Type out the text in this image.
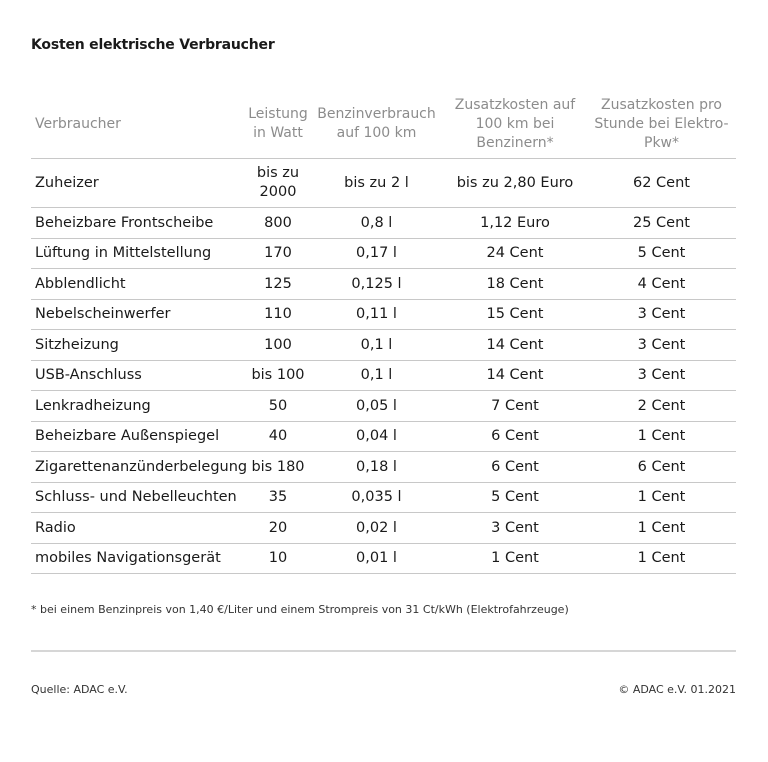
Kosten elektrische Verbraucher
Verbraucher	Leistung in Watt	Benzinverbrauch auf 100 km	Zusatzkosten auf 100 km bei Benzinern*	Zusatzkosten pro Stunde bei Elektro-Pkw*
Zuheizer	bis zu 2000	bis zu 2 l	bis zu 2,80 Euro	62 Cent
Beheizbare Frontscheibe	800	0,8 l	1,12 Euro	25 Cent
Lüftung in Mittelstellung	170	0,17 l	24 Cent	5 Cent
Abblendlicht	125	0,125 l	18 Cent	4 Cent
Nebelscheinwerfer	110	0,11 l	15 Cent	3 Cent
Sitzheizung	100	0,1 l	14 Cent	3 Cent
USB-Anschluss	bis 100	0,1 l	14 Cent	3 Cent
Lenkradheizung	50	0,05 l	7 Cent	2 Cent
Beheizbare Außenspiegel	40	0,04 l	6 Cent	1 Cent
Zigarettenanzünderbelegung	bis 180	0,18 l	6 Cent	6 Cent
Schluss- und Nebelleuchten	35	0,035 l	5 Cent	1 Cent
Radio	20	0,02 l	3 Cent	1 Cent
mobiles Navigationsgerät	10	0,01 l	1 Cent	1 Cent

* bei einem Benzinpreis von 1,40 €/Liter und einem Strompreis von 31 Ct/kWh (Elektrofahrzeuge)

Quelle: ADAC e.V.	© ADAC e.V. 01.2021
